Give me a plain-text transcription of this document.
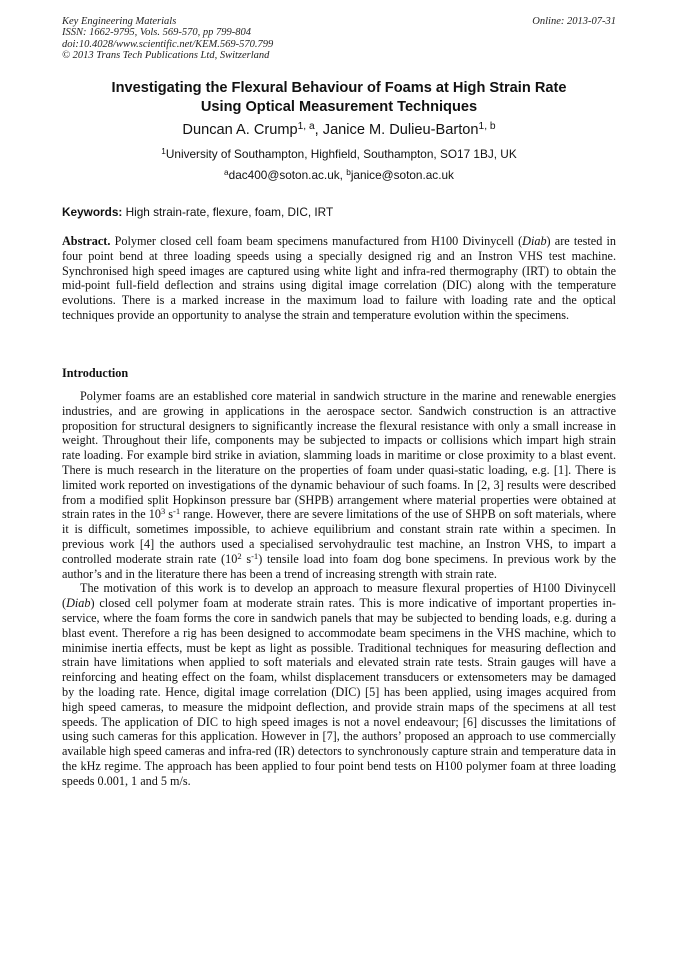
Key Engineering Materials
ISSN: 1662-9795, Vols. 569-570, pp 799-804
doi:10.4028/www.scientific.net/KEM.569-570.799
© 2013 Trans Tech Publications Ltd, Switzerland
Online: 2013-07-31
Investigating the Flexural Behaviour of Foams at High Strain Rate
Using Optical Measurement Techniques
Duncan A. Crump$^{1, a}$, Janice M. Dulieu-Barton$^{1, b}$
$^1$University of Southampton, Highfield, Southampton, SO17 1BJ, UK
$^a$dac400@soton.ac.uk, $^b$janice@soton.ac.uk
Keywords: High strain-rate, flexure, foam, DIC, IRT
Abstract. Polymer closed cell foam beam specimens manufactured from H100 Divinycell (Diab) are tested in four point bend at three loading speeds using a specially designed rig and an Instron VHS test machine. Synchronised high speed images are captured using white light and infra-red thermography (IRT) to obtain the mid-point full-field deflection and strains using digital image correlation (DIC) along with the temperature evolutions. There is a marked increase in the maximum load to failure with loading rate and the optical techniques provide an opportunity to analyse the strain and temperature evolution within the specimens.
Introduction

Polymer foams are an established core material in sandwich structure in the marine and renewable energies industries, and are growing in applications in the aerospace sector. Sandwich construction is an attractive proposition for structural designers to significantly increase the flexural resistance with only a small increase in weight. Throughout their life, components may be subjected to impacts or collisions which impart high strain rate loading. For example bird strike in aviation, slamming loads in maritime or close proximity to a blast event. There is much research in the literature on the properties of foam under quasi-static loading, e.g. [1]. There is limited work reported on investigations of the dynamic behaviour of such foams. In [2, 3] results were described from a modified split Hopkinson pressure bar (SHPB) arrangement where material properties were obtained at strain rates in the $10^3$ $s^{-1}$ range. However, there are severe limitations of the use of SHPB on soft materials, where it is difficult, sometimes impossible, to achieve equilibrium and constant strain rate within a specimen. In previous work [4] the authors used a specialised servohydraulic test machine, an Instron VHS, to impart a controlled moderate strain rate ($10^2$ $s^{-1}$) tensile load into foam dog bone specimens. In previous work by the author’s and in the literature there has been a trend of increasing strength with strain rate.

The motivation of this work is to develop an approach to measure flexural properties of H100 Divinycell (Diab) closed cell polymer foam at moderate strain rates. This is more indicative of important properties in-service, where the foam forms the core in sandwich panels that may be subjected to bending loads, e.g. during a blast event. Therefore a rig has been designed to accommodate beam specimens in the VHS machine, which to minimise inertia effects, must be kept as light as possible. Traditional techniques for measuring deflection and strain have limitations when applied to soft materials and elevated strain rate tests. Strain gauges will have a reinforcing and heating effect on the foam, whilst displacement transducers or extensometers may be damaged by the loading rate. Hence, digital image correlation (DIC) [5] has been applied, using images acquired from high speed cameras, to measure the midpoint deflection, and provide strain maps of the specimens at all test speeds. The application of DIC to high speed images is not a novel endeavour; [6] discusses the limitations of using such cameras for this application. However in [7], the authors’ proposed an approach to use commercially available high speed cameras and infra-red (IR) detectors to synchronously capture strain and temperature data in the kHz regime. The approach has been applied to four point bend tests on H100 polymer foam at three loading speeds 0.001, 1 and 5 m/s.
